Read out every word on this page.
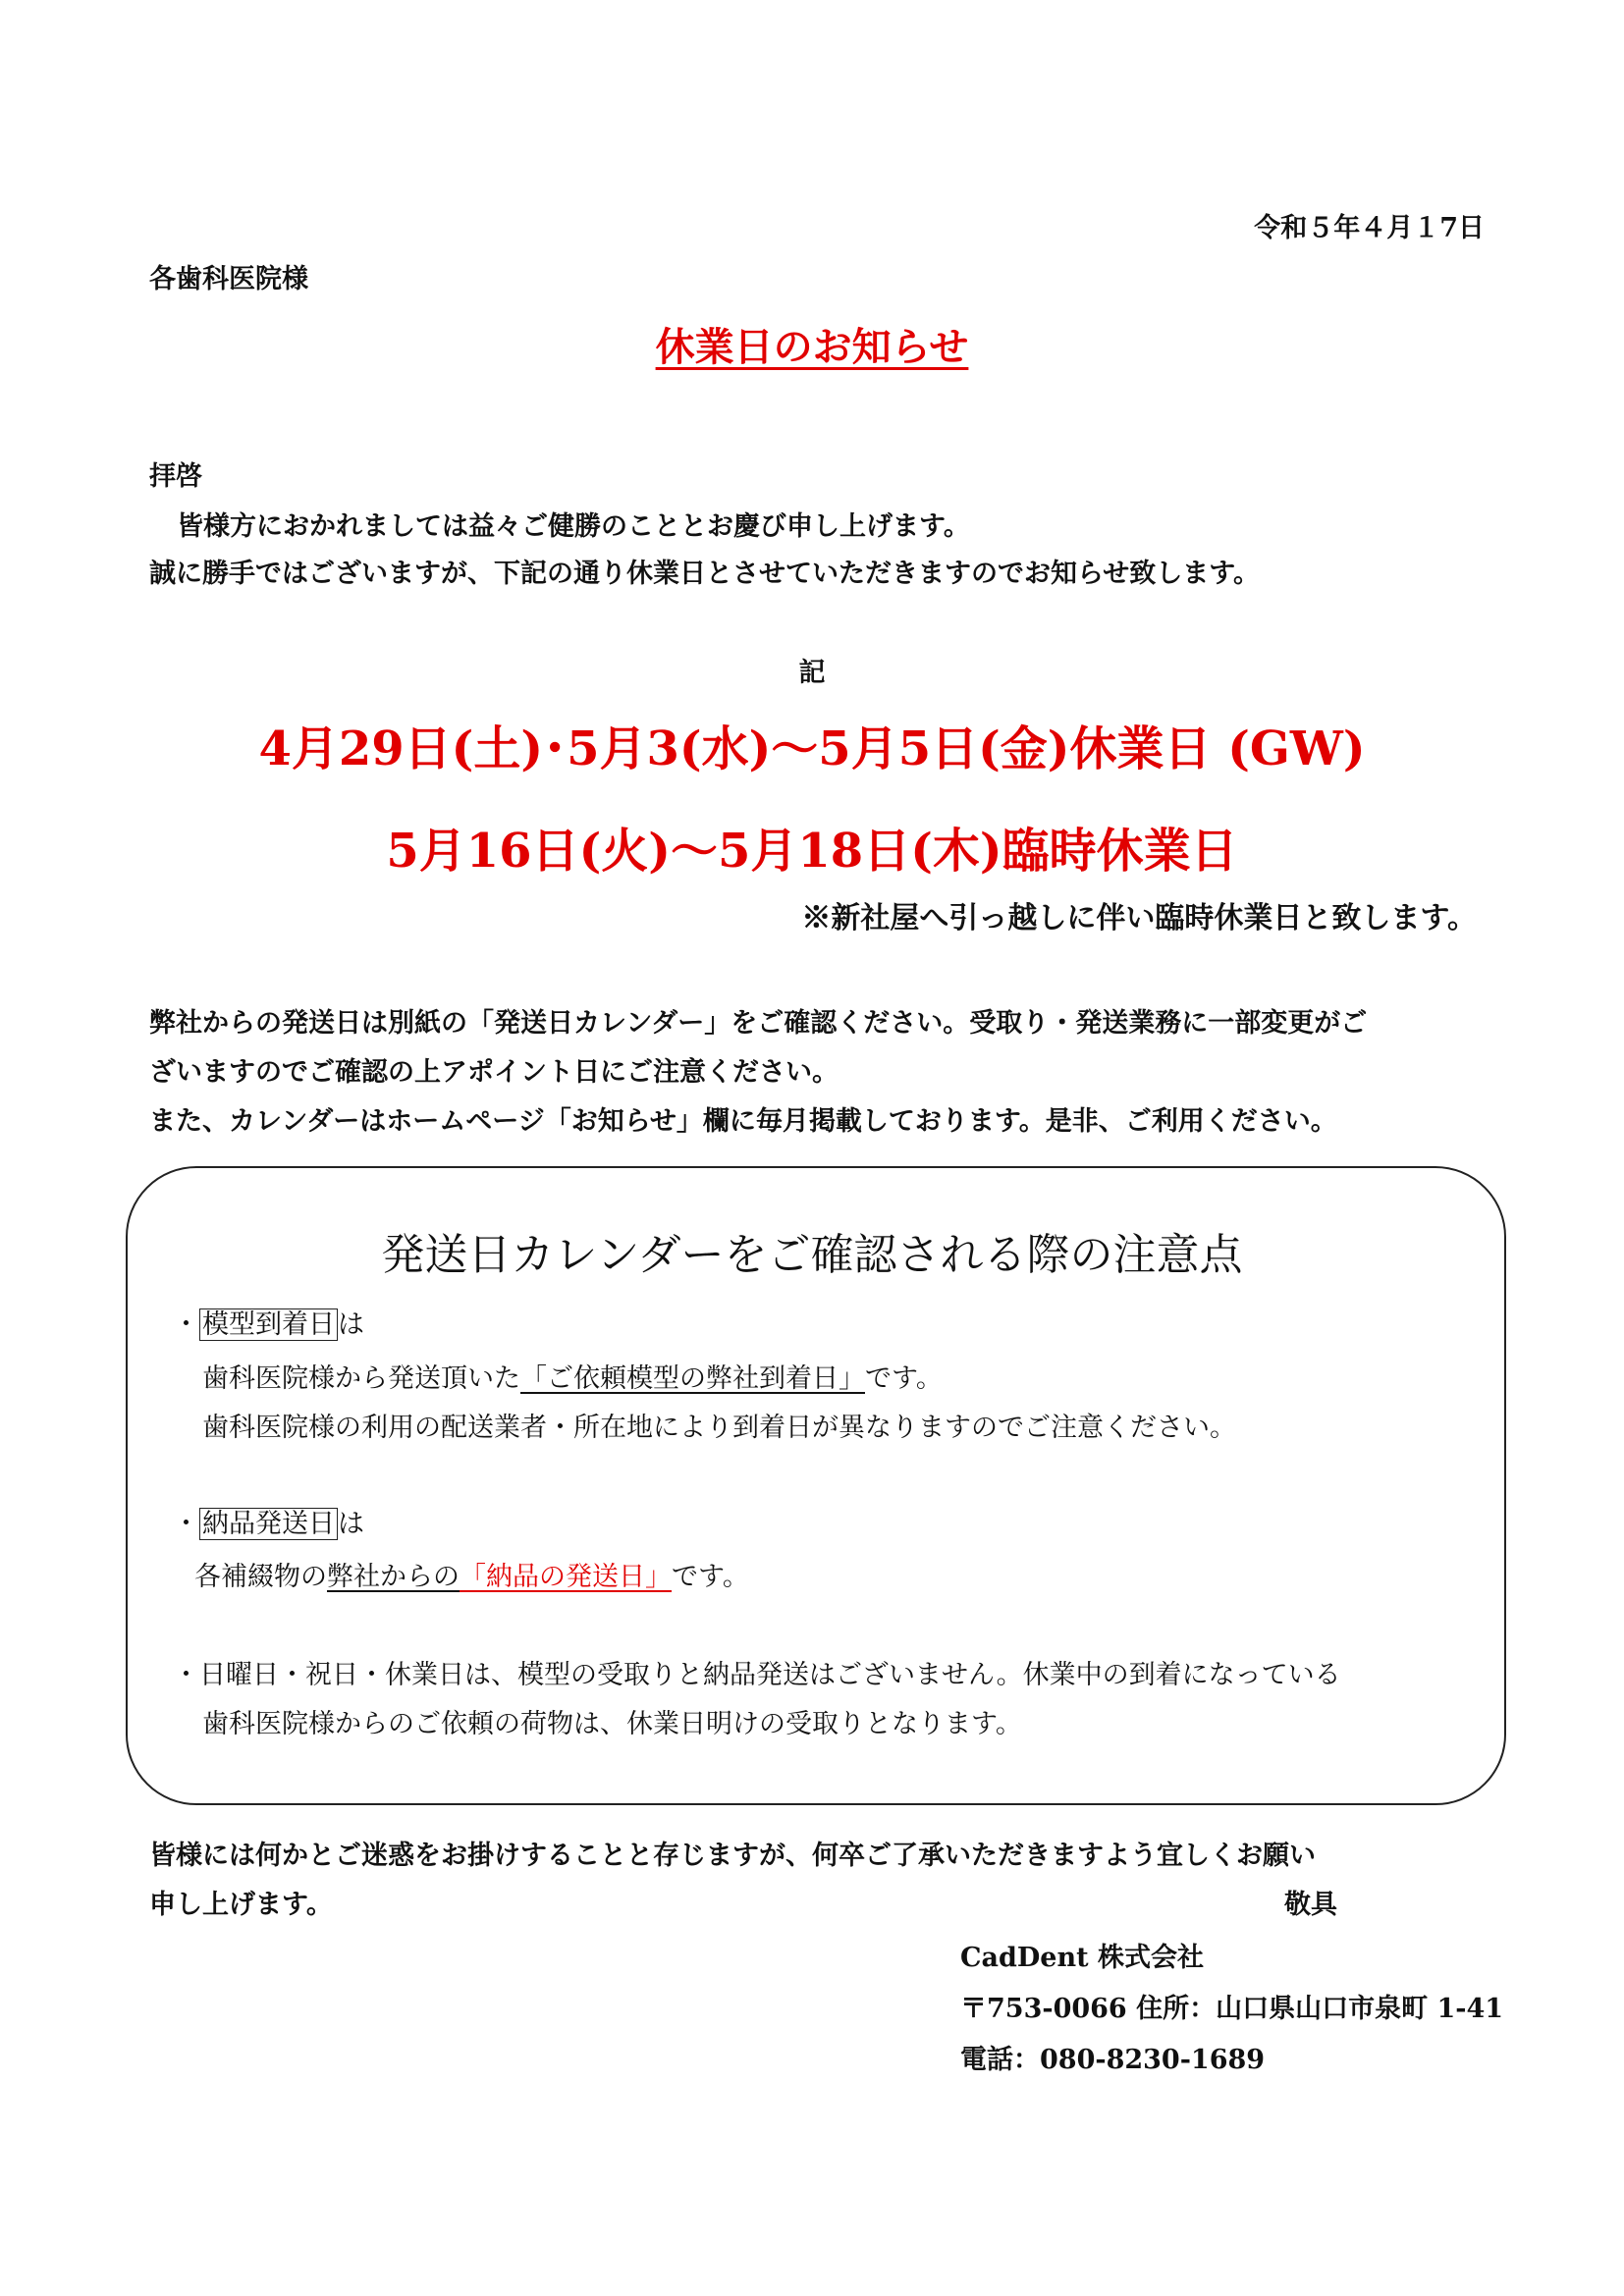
令和５年４月１7日
各歯科医院様
休業日のお知らせ
拝啓
皆様方におかれましては益々ご健勝のこととお慶び申し上げます。
誠に勝手ではございますが、下記の通り休業日とさせていただきますのでお知らせ致します。
記
4月29日(土)･5月3(水)～5月5日(金)休業日 (GW)
5月16日(火)～5月18日(木)臨時休業日
※新社屋へ引っ越しに伴い臨時休業日と致します。
弊社からの発送日は別紙の「発送日カレンダー」をご確認ください。受取り・発送業務に一部変更がご
ざいますのでご確認の上アポイント日にご注意ください。
また、カレンダーはホームページ「お知らせ」欄に毎月掲載しております。是非、ご利用ください。
発送日カレンダーをご確認される際の注意点
・ 模型到着日 は
歯科医院様から発送頂いた「ご依頼模型の弊社到着日」です。
歯科医院様の利用の配送業者・所在地により到着日が異なりますのでご注意ください。
・ 納品発送日 は
各補綴物の弊社からの「納品の発送日」です。
・日曜日・祝日・休業日は、模型の受取りと納品発送はございません。休業中の到着になっている
歯科医院様からのご依頼の荷物は、休業日明けの受取りとなります。
皆様には何かとご迷惑をお掛けすることと存じますが、何卒ご了承いただきますよう宜しくお願い
申し上げます。	敬具
CadDent 株式会社
〒753-0066 住所：山口県山口市泉町 1-41
電話：080-8230-1689
